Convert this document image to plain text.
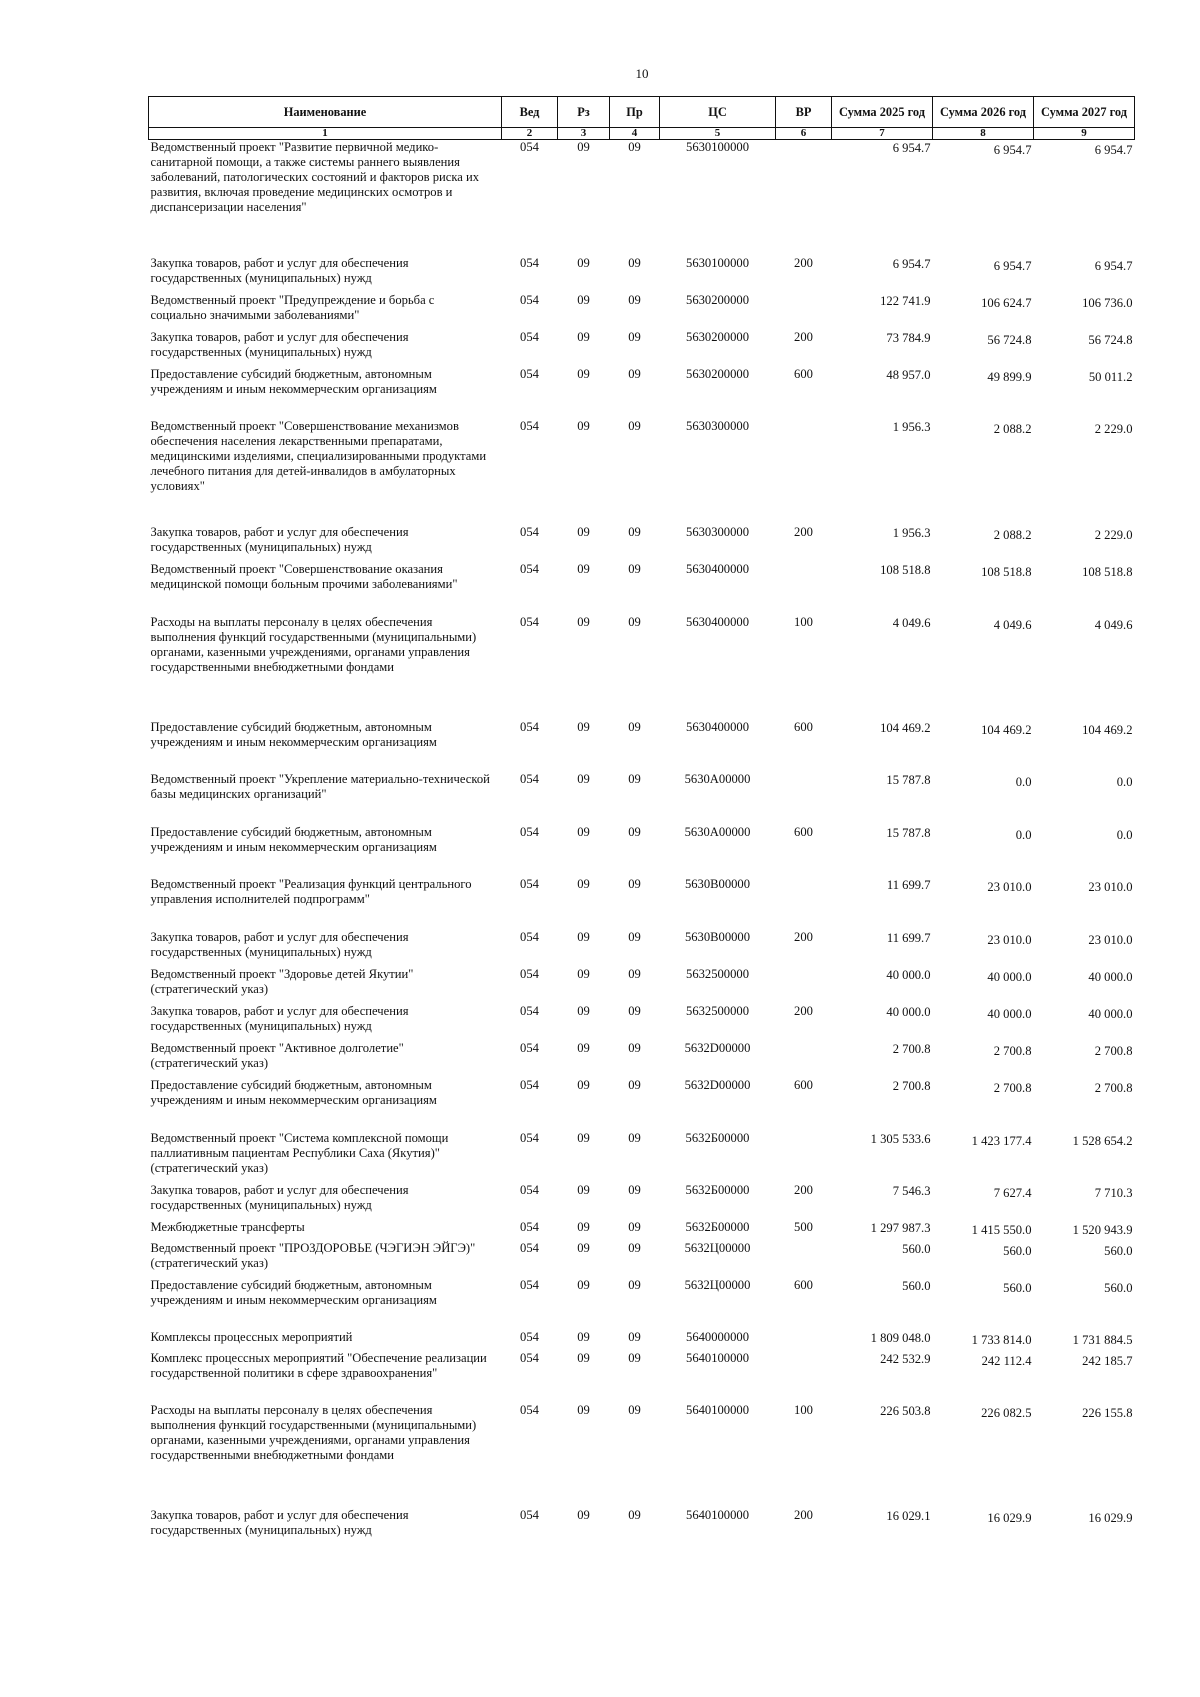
10
Наименование	Вед	Рз	Пр	ЦС	ВР	Сумма 2025 год	Сумма 2026 год	Сумма 2027 год
1	2	3	4	5	6	7	8	9
Ведомственный проект "Развитие первичной медико-санитарной помощи, а также системы раннего выявления заболеваний, патологических состояний и факторов риска их развития, включая проведение медицинских осмотров и диспансеризации населения"	054	09	09	5630100000		6 954.7	6 954.7	6 954.7
Закупка товаров, работ и услуг для обеспечения государственных (муниципальных) нужд	054	09	09	5630100000	200	6 954.7	6 954.7	6 954.7
Ведомственный проект "Предупреждение и борьба с социально значимыми заболеваниями"	054	09	09	5630200000		122 741.9	106 624.7	106 736.0
Закупка товаров, работ и услуг для обеспечения государственных (муниципальных) нужд	054	09	09	5630200000	200	73 784.9	56 724.8	56 724.8
Предоставление субсидий бюджетным, автономным учреждениям и иным некоммерческим организациям	054	09	09	5630200000	600	48 957.0	49 899.9	50 011.2
Ведомственный проект "Совершенствование механизмов обеспечения населения лекарственными препаратами, медицинскими изделиями, специализированными продуктами лечебного питания для детей-инвалидов в амбулаторных условиях"	054	09	09	5630300000		1 956.3	2 088.2	2 229.0
Закупка товаров, работ и услуг для обеспечения государственных (муниципальных) нужд	054	09	09	5630300000	200	1 956.3	2 088.2	2 229.0
Ведомственный проект "Совершенствование оказания медицинской помощи больным прочими заболеваниями"	054	09	09	5630400000		108 518.8	108 518.8	108 518.8
Расходы на выплаты персоналу в целях обеспечения выполнения функций государственными (муниципальными) органами, казенными учреждениями, органами управления государственными внебюджетными фондами	054	09	09	5630400000	100	4 049.6	4 049.6	4 049.6
Предоставление субсидий бюджетным, автономным учреждениям и иным некоммерческим организациям	054	09	09	5630400000	600	104 469.2	104 469.2	104 469.2
Ведомственный проект "Укрепление материально-технической базы медицинских организаций"	054	09	09	5630А00000		15 787.8	0.0	0.0
Предоставление субсидий бюджетным, автономным учреждениям и иным некоммерческим организациям	054	09	09	5630А00000	600	15 787.8	0.0	0.0
Ведомственный проект "Реализация функций центрального управления исполнителей подпрограмм"	054	09	09	5630В00000		11 699.7	23 010.0	23 010.0
Закупка товаров, работ и услуг для обеспечения государственных (муниципальных) нужд	054	09	09	5630В00000	200	11 699.7	23 010.0	23 010.0
Ведомственный проект "Здоровье детей Якутии" (стратегический указ)	054	09	09	5632500000		40 000.0	40 000.0	40 000.0
Закупка товаров, работ и услуг для обеспечения государственных (муниципальных) нужд	054	09	09	5632500000	200	40 000.0	40 000.0	40 000.0
Ведомственный проект "Активное долголетие" (стратегический указ)	054	09	09	5632D00000		2 700.8	2 700.8	2 700.8
Предоставление субсидий бюджетным, автономным учреждениям и иным некоммерческим организациям	054	09	09	5632D00000	600	2 700.8	2 700.8	2 700.8
Ведомственный проект "Система комплексной помощи паллиативным пациентам Республики Саха (Якутия)" (стратегический указ)	054	09	09	5632Б00000		1 305 533.6	1 423 177.4	1 528 654.2
Закупка товаров, работ и услуг для обеспечения государственных (муниципальных) нужд	054	09	09	5632Б00000	200	7 546.3	7 627.4	7 710.3
Межбюджетные трансферты	054	09	09	5632Б00000	500	1 297 987.3	1 415 550.0	1 520 943.9
Ведомственный проект "ПРОЗДОРОВЬЕ (ЧЭГИЭН ЭЙГЭ)" (стратегический указ)	054	09	09	5632Ц00000		560.0	560.0	560.0
Предоставление субсидий бюджетным, автономным учреждениям и иным некоммерческим организациям	054	09	09	5632Ц00000	600	560.0	560.0	560.0
Комплексы процессных мероприятий	054	09	09	5640000000		1 809 048.0	1 733 814.0	1 731 884.5
Комплекс процессных мероприятий "Обеспечение реализации государственной политики в сфере здравоохранения"	054	09	09	5640100000		242 532.9	242 112.4	242 185.7
Расходы на выплаты персоналу в целях обеспечения выполнения функций государственными (муниципальными) органами, казенными учреждениями, органами управления государственными внебюджетными фондами	054	09	09	5640100000	100	226 503.8	226 082.5	226 155.8
Закупка товаров, работ и услуг для обеспечения государственных (муниципальных) нужд	054	09	09	5640100000	200	16 029.1	16 029.9	16 029.9
